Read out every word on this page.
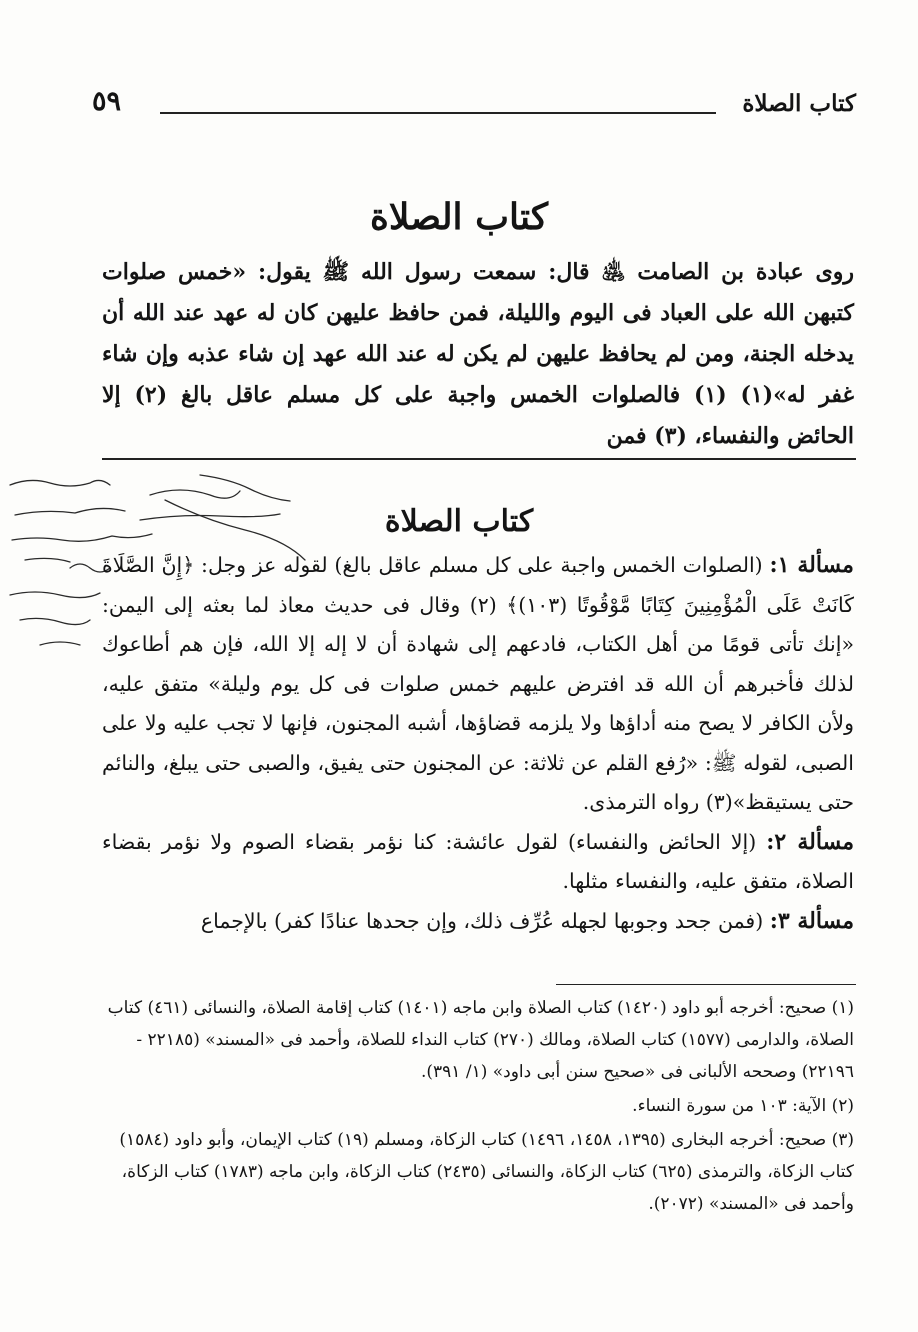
كتاب الصلاة
٥٩
كتاب الصلاة

روى عبادة بن الصامت ﵁ قال: سمعت رسول الله ﷺ يقول: «خمس صلوات كتبهن الله على العباد فى اليوم والليلة، فمن حافظ عليهن كان له عهد عند الله أن يدخله الجنة، ومن لم يحافظ عليهن لم يكن له عند الله عهد إن شاء عذبه وإن شاء غفر له»(١) (١) فالصلوات الخمس واجبة على كل مسلم عاقل بالغ (٢) إلا الحائض والنفساء، (٣) فمن

كتاب الصلاة

مسألة ١: (الصلوات الخمس واجبة على كل مسلم عاقل بالغ) لقوله عز وجل: ﴿إِنَّ الصَّلَاةَ كَانَتْ عَلَى الْمُؤْمِنِينَ كِتَابًا مَّوْقُوتًا (١٠٣)﴾ (٢) وقال فى حديث معاذ لما بعثه إلى اليمن: «إنك تأتى قومًا من أهل الكتاب، فادعهم إلى شهادة أن لا إله إلا الله، فإن هم أطاعوك لذلك فأخبرهم أن الله قد افترض عليهم خمس صلوات فى كل يوم وليلة» متفق عليه، ولأن الكافر لا يصح منه أداؤها ولا يلزمه قضاؤها، أشبه المجنون، فإنها لا تجب عليه ولا على الصبى، لقوله ﷺ: «رُفع القلم عن ثلاثة: عن المجنون حتى يفيق، والصبى حتى يبلغ، والنائم حتى يستيقظ»(٣) رواه الترمذى.

مسألة ٢: (إلا الحائض والنفساء) لقول عائشة: كنا نؤمر بقضاء الصوم ولا نؤمر بقضاء الصلاة، متفق عليه، والنفساء مثلها.

مسألة ٣: (فمن جحد وجوبها لجهله عُرِّف ذلك، وإن جحدها عنادًا كفر) بالإجماع

(١) صحيح: أخرجه أبو داود (١٤٢٠) كتاب الصلاة وابن ماجه (١٤٠١) كتاب إقامة الصلاة، والنسائى (٤٦١) كتاب الصلاة، والدارمى (١٥٧٧) كتاب الصلاة، ومالك (٢٧٠) كتاب النداء للصلاة، وأحمد فى «المسند» (٢٢١٨٥ - ٢٢١٩٦) وصححه الألبانى فى «صحيح سنن أبى داود» (١/ ٣٩١).

(٢) الآية: ١٠٣ من سورة النساء.

(٣) صحيح: أخرجه البخارى (١٣٩٥، ١٤٥٨، ١٤٩٦) كتاب الزكاة، ومسلم (١٩) كتاب الإيمان، وأبو داود (١٥٨٤) كتاب الزكاة، والترمذى (٦٢٥) كتاب الزكاة، والنسائى (٢٤٣٥) كتاب الزكاة، وابن ماجه (١٧٨٣) كتاب الزكاة، وأحمد فى «المسند» (٢٠٧٢).
